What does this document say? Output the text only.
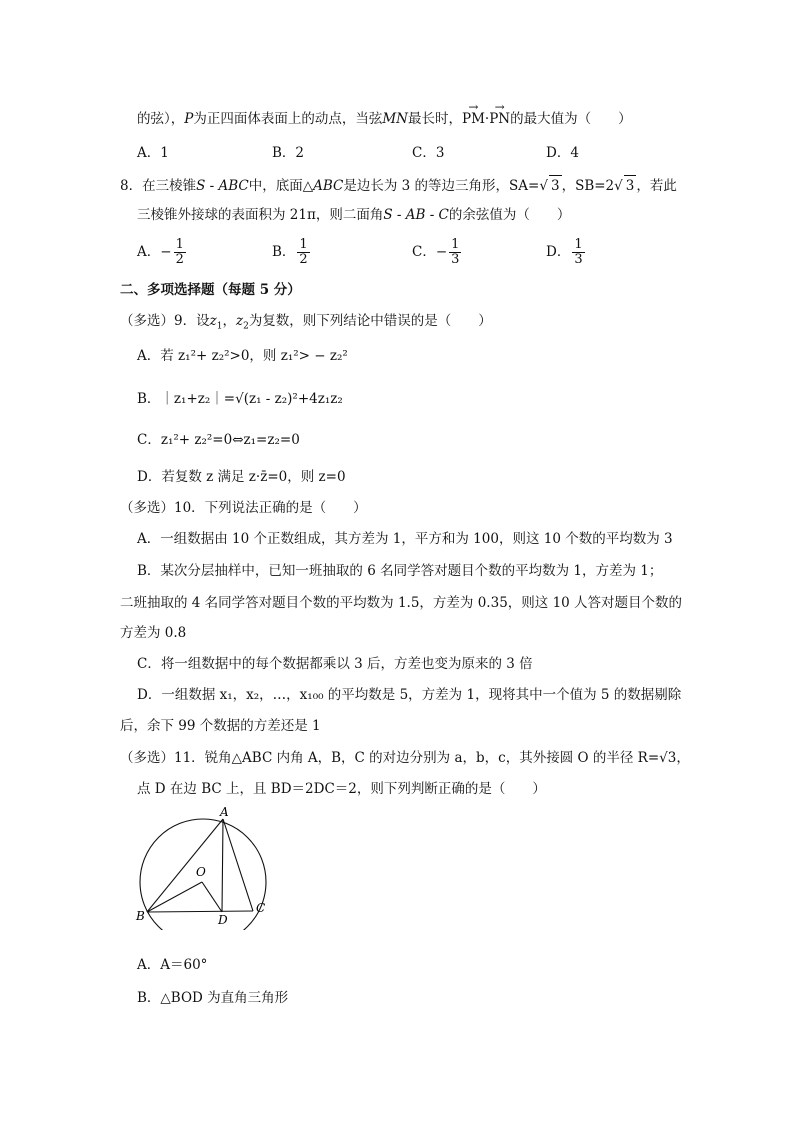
的弦），P为正四面体表面上的动点，当弦MN最长时，→ PM·→ PN的最大值为（　　）
A．1	B．2	C．3	D．4
8．在三棱锥S - ABC中，底面△ABC是边长为 3 的等边三角形，SA=√ 3 ，SB=2√ 3 ，若此
三棱锥外接球的表面积为 21π，则二面角S - AB - C的余弦值为（　　）
A．− $\frac{1}{2}$	B． $\frac{1}{2}$	C．− $\frac{1}{3}$	D． $\frac{1}{3}$
二、多项选择题（每题 5 分）
（多选）9．设$z_1$，$z_2$为复数，则下列结论中错误的是（　　）
A．若 z₁²+ z₂²>0，则 z₁²> − z₂²
B．｜z₁+z₂｜=√(z₁ - z₂)²+4z₁z₂
C．z₁²+ z₂²=0⇔z₁=z₂=0
D．若复数 z 满足 z·z̄=0，则 z=0
（多选）10．下列说法正确的是（　　）
A．一组数据由 10 个正数组成，其方差为 1，平方和为 100，则这 10 个数的平均数为 3
B．某次分层抽样中，已知一班抽取的 6 名同学答对题目个数的平均数为 1，方差为 1；
二班抽取的 4 名同学答对题目个数的平均数为 1.5，方差为 0.35，则这 10 人答对题目个数的
方差为 0.8
C．将一组数据中的每个数据都乘以 3 后，方差也变为原来的 3 倍
D．一组数据 x₁，x₂，…，x₁₀₀ 的平均数是 5，方差为 1，现将其中一个值为 5 的数据剔除
后，余下 99 个数据的方差还是 1
（多选）11．锐角△ABC 内角 A，B，C 的对边分别为 a，b，c，其外接圆 O 的半径 R=√3，
点 D 在边 BC 上，且 BD＝2DC＝2，则下列判断正确的是（　　）
A
B
C
D
O
A．A＝60°
B．△BOD 为直角三角形
